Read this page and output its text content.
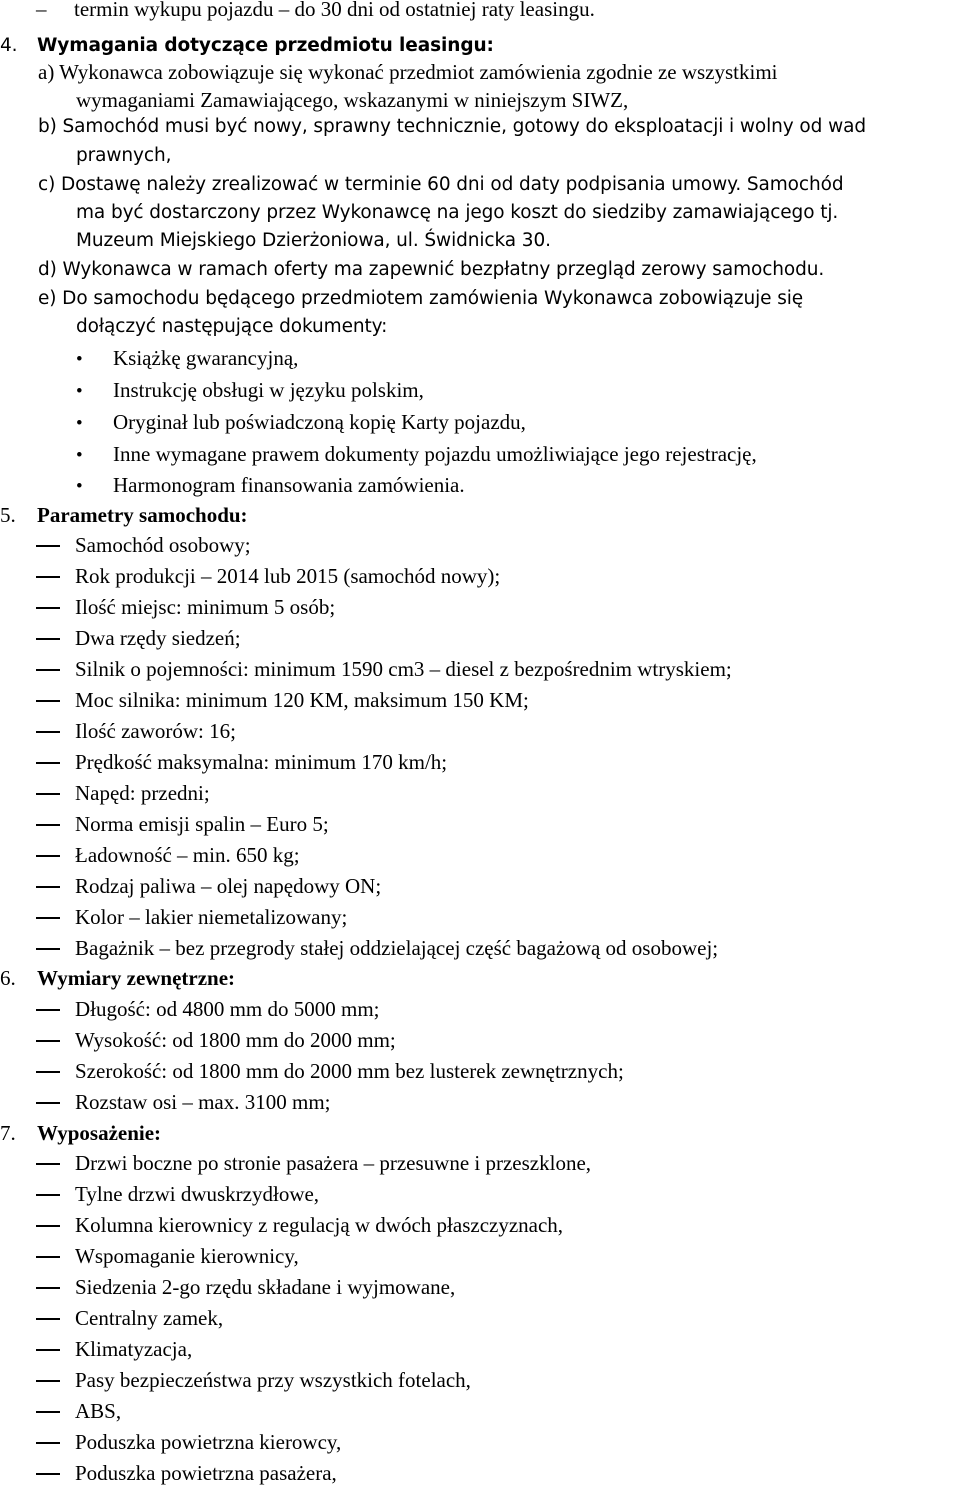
– termin wykupu pojazdu – do 30 dni od ostatniej raty leasingu.
4. Wymagania dotyczące przedmiotu leasingu:
a) Wykonawca zobowiązuje się wykonać przedmiot zamówienia zgodnie ze wszystkimi
wymaganiami Zamawiającego, wskazanymi w niniejszym SIWZ,
b) Samochód musi być nowy, sprawny technicznie, gotowy do eksploatacji i wolny od wad
prawnych,
c) Dostawę należy zrealizować w terminie 60 dni od daty podpisania umowy. Samochód
ma być dostarczony przez Wykonawcę na jego koszt do siedziby zamawiającego tj.
Muzeum Miejskiego Dzierżoniowa, ul. Świdnicka 30.
d) Wykonawca w ramach oferty ma zapewnić bezpłatny przegląd zerowy samochodu.
e) Do samochodu będącego przedmiotem zamówienia Wykonawca zobowiązuje się
dołączyć następujące dokumenty:
• Książkę gwarancyjną,
• Instrukcję obsługi w języku polskim,
• Oryginał lub poświadczoną kopię Karty pojazdu,
• Inne wymagane prawem dokumenty pojazdu umożliwiające jego rejestrację,
• Harmonogram finansowania zamówienia.
5. Parametry samochodu:
Samochód osobowy;
Rok produkcji – 2014 lub 2015 (samochód nowy);
Ilość miejsc: minimum 5 osób;
Dwa rzędy siedzeń;
Silnik o pojemności: minimum 1590 cm3 – diesel z bezpośrednim wtryskiem;
Moc silnika: minimum 120 KM, maksimum 150 KM;
Ilość zaworów: 16;
Prędkość maksymalna: minimum 170 km/h;
Napęd: przedni;
Norma emisji spalin – Euro 5;
Ładowność – min. 650 kg;
Rodzaj paliwa – olej napędowy ON;
Kolor – lakier niemetalizowany;
Bagażnik – bez przegrody stałej oddzielającej część bagażową od osobowej;
6. Wymiary zewnętrzne:
Długość: od 4800 mm do 5000 mm;
Wysokość: od 1800 mm do 2000 mm;
Szerokość: od 1800 mm do 2000 mm bez lusterek zewnętrznych;
Rozstaw osi – max. 3100 mm;
7. Wyposażenie:
Drzwi boczne po stronie pasażera – przesuwne i przeszklone,
Tylne drzwi dwuskrzydłowe,
Kolumna kierownicy z regulacją w dwóch płaszczyznach,
Wspomaganie kierownicy,
Siedzenia 2-go rzędu składane i wyjmowane,
Centralny zamek,
Klimatyzacja,
Pasy bezpieczeństwa przy wszystkich fotelach,
ABS,
Poduszka powietrzna kierowcy,
Poduszka powietrzna pasażera,
